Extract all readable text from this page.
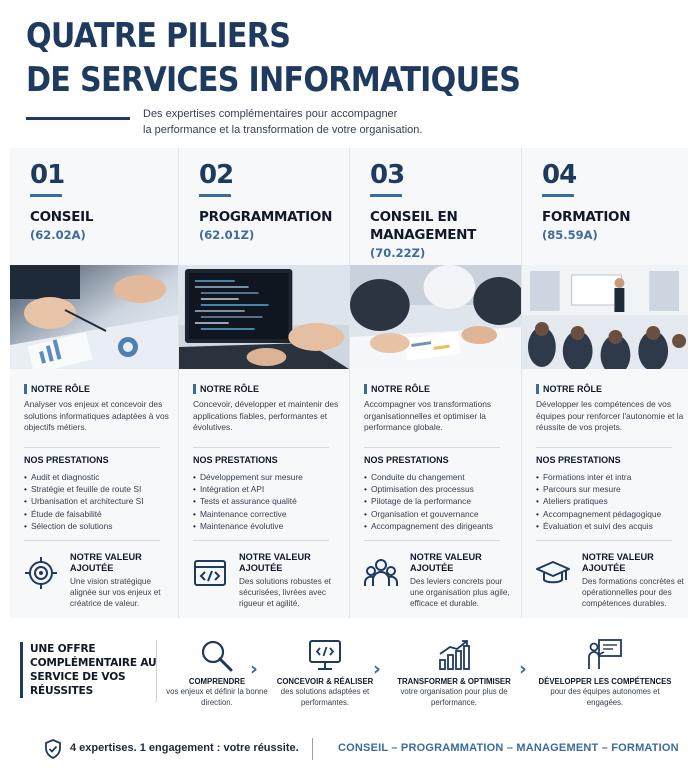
QUATRE PILIERS
DE SERVICES INFORMATIQUES
Des expertises complémentaires pour accompagner
la performance et la transformation de votre organisation.
01
CONSEIL
(62.02A)
NOTRE RÔLE
Analyser vos enjeux et concevoir des solutions informatiques adaptées à vos objectifs métiers.
NOS PRESTATIONS
• Audit et diagnostic
• Stratégie et feuille de route SI
• Urbanisation et architecture SI
• Étude de faisabilité
• Sélection de solutions
NOTRE VALEUR AJOUTÉE
Une vision stratégique alignée sur vos enjeux et créatrice de valeur.
02
PROGRAMMATION
(62.01Z)
NOTRE RÔLE
Concevoir, développer et maintenir des applications fiables, performantes et évolutives.
NOS PRESTATIONS
• Développement sur mesure
• Intégration et API
• Tests et assurance qualité
• Maintenance corrective
• Maintenance évolutive
NOTRE VALEUR AJOUTÉE
Des solutions robustes et sécurisées, livrées avec rigueur et agilité.
03
CONSEIL EN MANAGEMENT
(70.22Z)
NOTRE RÔLE
Accompagner vos transformations organisationnelles et optimiser la performance globale.
NOS PRESTATIONS
• Conduite du changement
• Optimisation des processus
• Pilotage de la performance
• Organisation et gouvernance
• Accompagnement des dirigeants
NOTRE VALEUR AJOUTÉE
Des leviers concrets pour une organisation plus agile, efficace et durable.
04
FORMATION
(85.59A)
NOTRE RÔLE
Développer les compétences de vos équipes pour renforcer l'autonomie et la réussite de vos projets.
NOS PRESTATIONS
• Formations inter et intra
• Parcours sur mesure
• Ateliers pratiques
• Accompagnement pédagogique
• Évaluation et suivi des acquis
NOTRE VALEUR AJOUTÉE
Des formations concrètes et opérationnelles pour des compétences durables.
UNE OFFRE COMPLÉMENTAIRE AU SERVICE DE VOS RÉUSSITES
COMPRENDRE
vos enjeux et définir la bonne direction.
›
CONCEVOIR & RÉALISER
des solutions adaptées et performantes.
›
TRANSFORMER & OPTIMISER
votre organisation pour plus de performance.
›
DÉVELOPPER LES COMPÉTENCES
pour des équipes autonomes et engagées.
4 expertises. 1 engagement : votre réussite.	CONSEIL – PROGRAMMATION – MANAGEMENT – FORMATION
